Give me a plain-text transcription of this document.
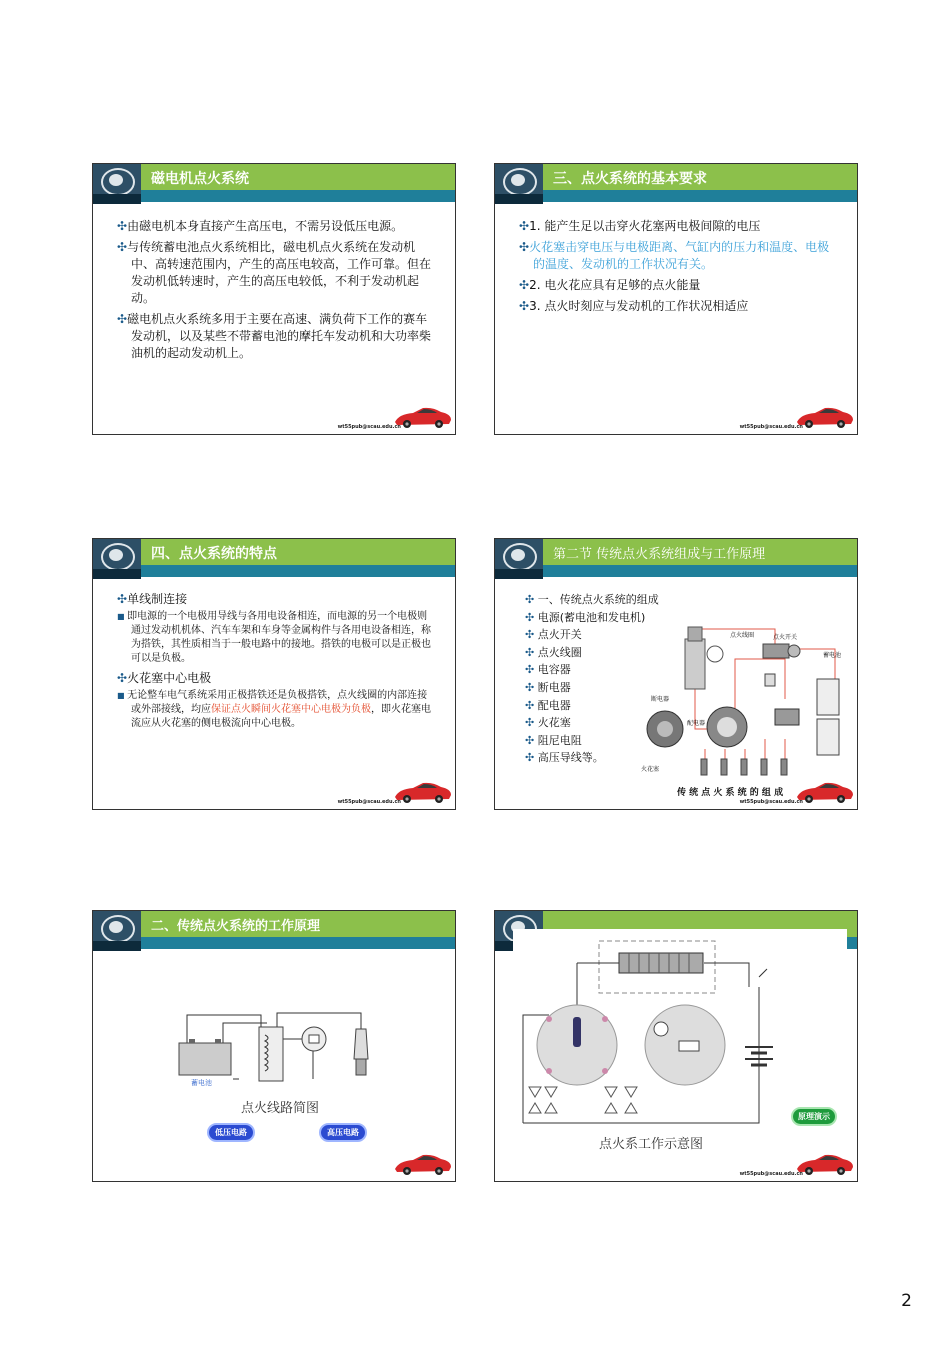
磁电机点火系统

✣由磁电机本身直接产生高压电，不需另设低压电源。

✣与传统蓄电池点火系统相比，磁电机点火系统在发动机中、高转速范围内，产生的高压电较高，工作可靠。但在发动机低转速时，产生的高压电较低，不利于发动机起动。

✣磁电机点火系统多用于主要在高速、满负荷下工作的赛车发动机，以及某些不带蓄电池的摩托车发动机和大功率柴油机的起动发动机上。

wt55pub@scau.edu.cn
三、点火系统的基本要求

✣1. 能产生足以击穿火花塞两电极间隙的电压

✣火花塞击穿电压与电极距离、气缸内的压力和温度、电极的温度、发动机的工作状况有关。

✣2. 电火花应具有足够的点火能量

✣3. 点火时刻应与发动机的工作状况相适应

wt55pub@scau.edu.cn
四、点火系统的特点

✣单线制连接

■ 即电源的一个电极用导线与各用电设备相连，而电源的另一个电极则通过发动机机体、汽车车架和车身等金属构件与各用电设备相连，称为搭铁，其性质相当于一般电路中的接地。搭铁的电极可以是正极也可以是负极。

✣火花塞中心电极

■ 无论整车电气系统采用正极搭铁还是负极搭铁，点火线圈的内部连接或外部接线，均应保证点火瞬间火花塞中心电极为负极，即火花塞电流应从火花塞的侧电极流向中心电极。

wt55pub@scau.edu.cn
第二节 传统点火系统组成与工作原理
✣ 一、传统点火系统的组成
✣ 电源(蓄电池和发电机)
✣ 点火开关
✣ 点火线圈
✣ 电容器
✣ 断电器
✣ 配电器
✣ 火花塞
✣ 阻尼电阻
✣ 高压导线等。
点火线圈	点火开关
蓄电池
断电器
配电器
火花塞
传 统 点 火 系 统 的 组 成
wt55pub@scau.edu.cn
二、传统点火系统的工作原理
蓄电池
点火线路简图
低压电路	高压电路
点火系工作示意图
原理演示
wt55pub@scau.edu.cn
2
